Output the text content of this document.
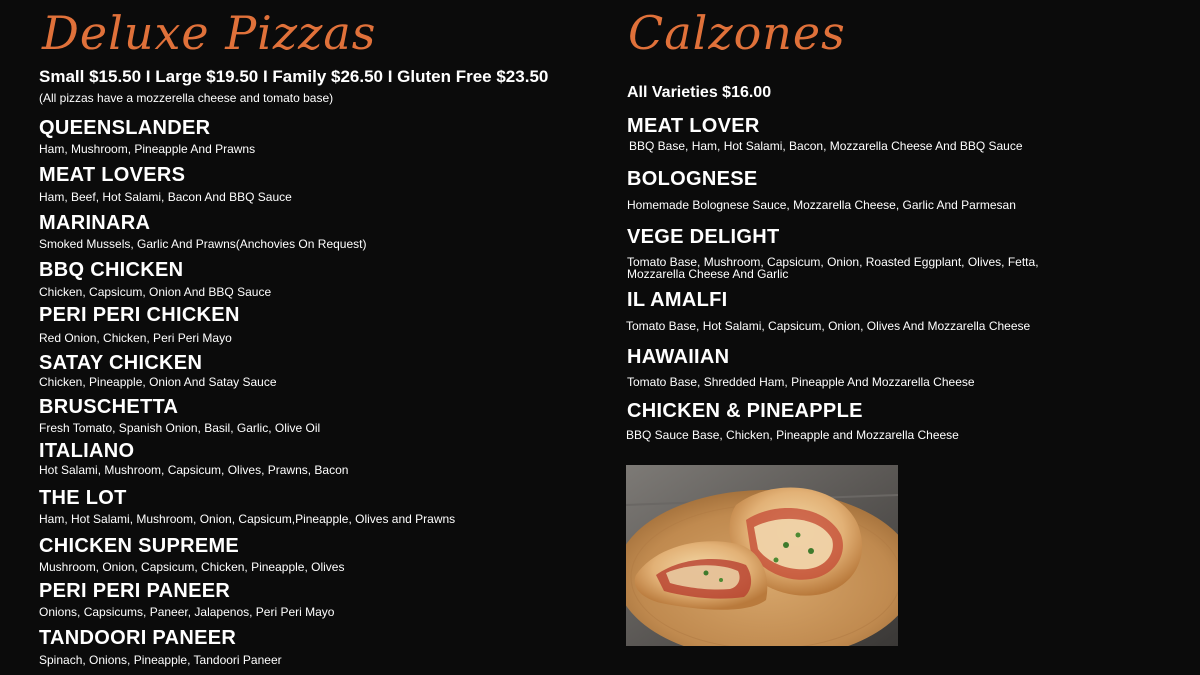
Deluxe Pizzas
Small $15.50 I Large $19.50 I Family $26.50 I Gluten Free $23.50
(All pizzas have a mozzerella cheese and tomato base)
QUEENSLANDER
Ham, Mushroom, Pineapple And Prawns
MEAT LOVERS
Ham, Beef, Hot Salami, Bacon And BBQ Sauce
MARINARA
Smoked Mussels, Garlic And Prawns(Anchovies On Request)
BBQ CHICKEN
Chicken, Capsicum, Onion And BBQ Sauce
PERI PERI CHICKEN
Red Onion, Chicken, Peri Peri Mayo
SATAY CHICKEN
Chicken, Pineapple, Onion And Satay Sauce
BRUSCHETTA
Fresh Tomato, Spanish Onion, Basil, Garlic, Olive Oil
ITALIANO
Hot Salami, Mushroom, Capsicum, Olives, Prawns, Bacon
THE LOT
Ham, Hot Salami, Mushroom, Onion, Capsicum,Pineapple, Olives and Prawns
CHICKEN SUPREME
Mushroom, Onion, Capsicum, Chicken, Pineapple, Olives
PERI PERI PANEER
Onions, Capsicums, Paneer, Jalapenos, Peri Peri Mayo
TANDOORI PANEER
Spinach, Onions, Pineapple, Tandoori Paneer
Calzones
All Varieties $16.00
MEAT LOVER
BBQ Base, Ham, Hot Salami, Bacon, Mozzarella Cheese And BBQ Sauce
BOLOGNESE
Homemade Bolognese Sauce, Mozzarella Cheese, Garlic And Parmesan
VEGE DELIGHT
Tomato Base, Mushroom, Capsicum, Onion, Roasted Eggplant, Olives, Fetta,
Mozzarella Cheese And Garlic
IL AMALFI
Tomato Base, Hot Salami, Capsicum, Onion, Olives And Mozzarella Cheese
HAWAIIAN
Tomato Base, Shredded Ham, Pineapple And Mozzarella Cheese
CHICKEN & PINEAPPLE
BBQ Sauce Base, Chicken, Pineapple and Mozzarella Cheese
